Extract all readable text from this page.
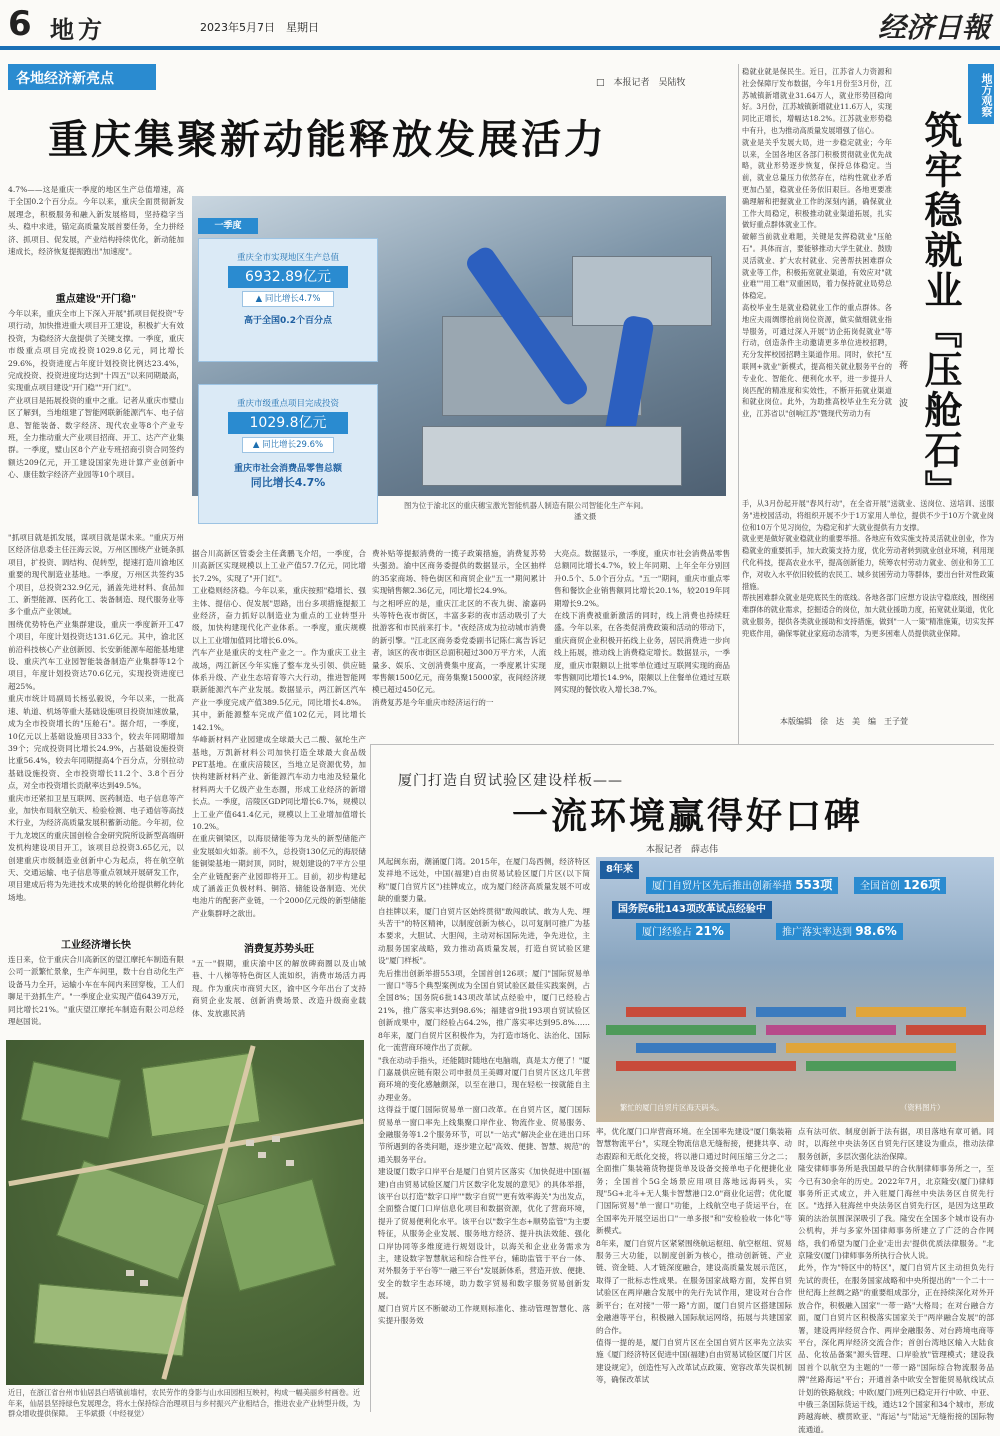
6 地方	2023年5月7日　星期日	经济日報
各地经济新亮点	□　本报记者　吴陆牧
重庆集聚新动能释放发展活力
4.7%——这是重庆一季度的地区生产总值增速，高于全国0.2个百分点。今年以来，重庆全面贯彻新发展理念，积极服务和融入新发展格局，坚持稳字当头、稳中求进，锚定高质量发展首要任务，全力拼经济、抓项目、促发展，产业结构持续优化，新动能加速成长，经济恢复提振跑出"加速度"。
重点建设"开门稳"
今年以来，重庆全市上下深入开展"抓项目促投资"专项行动，加快推进重大项目开工建设，积极扩大有效投资，为稳经济大盘提供了关键支撑。一季度，重庆市级重点项目完成投资1029.8亿元，同比增长29.6%，投资进度占年度计划投资比例达23.4%，完成投资、投资进度均达到"十四五"以来同期最高，实现重点项目建设"开门稳""开门红"。
产业项目是拓展投资的重中之重。记者从重庆市璧山区了解到，当地组建了智能网联新能源汽车、电子信息、智能装备、数字经济、现代农业等8个产业专班，全力推动重大产业项目招商、开工、达产产业集群。一季度，璧山区8个产业专班招商引资合同签约额达209亿元，开工建设国家先进计算产业创新中心、康佳数字经济产业园等10个项目。
"抓项目就是抓发展，谋项目就是谋未来。"重庆万州区经济信息委主任汪海云说，万州区围绕产业链条抓项目，扩投资、调结构、促转型，提速打造川渝地区重要的现代制造业基地。一季度，万州区共签约35个项目，总投资232.9亿元，涵盖先进材料、食品加工、新型能源、医药化工、装备制造、现代服务业等多个重点产业领域。
围绕优势特色产业集群建设，重庆一季度新开工47个项目，年度计划投资达131.6亿元。其中，渝北区前沿科技核心产业创新园、长安新能源车超能基地建设、重庆汽车工业园智能装备制造产业集群等12个项目，年度计划投资达70.6亿元，实现投资进度已超25%。
重庆市统计局副局长杨弘毅说，今年以来，一批高速、轨道、机场等重大基础设施项目投资加速放量，成为全市投资增长的"压舱石"。据介绍，一季度，10亿元以上基础设施项目333个，较去年同期增加39个；完成投资同比增长24.9%，占基础设施投资比重56.4%，较去年同期提高4个百分点，分别拉动基础设施投资、全市投资增长11.2个、3.8个百分点，对全市投资增长贡献率达到49.5%。
重庆市还紧扣卫星互联网、医药制造、电子信息等产业，加快布局航空航天、检验检测、电子通信等高技术行业，为经济高质量发展积蓄新动能。今年初，位于九龙坡区的重庆国创检合金研究院所设新型高端研发机构建设项目开工，该项目总投资3.65亿元，以创建重庆市级制造业创新中心为起点，将在航空航天、交通运输、电子信息等重点领域开展研发工作，项目建成后将为先进技术成果的转化给提供孵化转化场地。
工业经济增长快
连日来，位于重庆合川高新区的望江摩托车制造有限公司一派繁忙景象，生产车间里，数十台自动化生产设备马力全开，运输小车在车间内来回穿梭，工人们聊足干劲抓生产。"一季度企业实现产值6439万元，同比增长21%。"重庆望江摩托车制造有限公司总经理赵国说。
一季度
重庆全市实现地区生产总值
6932.89亿元
▲ 同比增长4.7%
高于全国0.2个百分点
重庆市级重点项目完成投资
1029.8亿元
▲ 同比增长29.6%
重庆市社会消费品零售总额
同比增长4.7%
图为位于渝北区的重庆穗宝激光智能机器人制造有限公司智能化生产车间。
　　　　　　　　　　　　　　　　　　　　　　　潘文摄
据合川高新区管委会主任龚鹏飞介绍，一季度，合川高新区实现规模以上工业产值57.7亿元，同比增长7.2%，实现了"开门红"。
工业稳则经济稳。今年以来，重庆按照"稳增长、强主体、提信心、促发展"思路，出台多项措施提振工业经济，奋力抓好以制造业为重点的工业转型升级，加快构建现代化产业体系。一季度，重庆规模以上工业增加值同比增长6.0%。
汽车产业是重庆的支柱产业之一。作为重庆工业主战场，两江新区今年实施了整车龙头引领、供应链体系升级、产业生态培育等六大行动，推进智能网联新能源汽车产业发展。数据显示，两江新区汽车产业一季度完成产值389.5亿元，同比增长4.8%。其中，新能源整车完成产值102亿元，同比增长142.1%。
华峰新材料产业园建成全球最大己二酸、氨纶生产基地，万凯新材料公司加快打造全球最大食品级PET基地。在重庆涪陵区，当地立足资源优势，加快构建新材料产业、新能源汽车动力电池及轻量化材料两大千亿级产业生态圈，形成工业经济的新增长点。一季度，涪陵区GDP同比增长6.7%，规模以上工业产值641.4亿元，规模以上工业增加值增长10.2%。
在重庆铜梁区，以海辰储能等为龙头的新型储能产业发展如火如荼。前不久，总投资130亿元的海辰储能铜梁基地一期封顶，同时，规划建设的7平方公里全产业链配套产业园即将开工。目前，初步构建起成了涵盖正负极材料、铜箔、储能设备制造、光伏电池片的配套产业链，一个2000亿元级的新型储能产业集群呼之欲出。
消费复苏势头旺
"五一"假期，重庆渝中区的解放碑商圈以及山城巷、十八梯等特色街区人流如织，消费市场活力再现。作为重庆市商贸大区，渝中区今年出台了支持商贸企业发展、创新消费场景、改造升级商业载体、发放惠民消
费补贴等提振消费的一揽子政策措施，消费复苏势头强劲。渝中区商务委提供的数据显示，全区抽样的35家商场、特色街区和商贸企业"五一"期间累计实现销售额2.36亿元，同比增长24.9%。
与之相呼应的是，重庆江北区的不夜九街、渝嘉码头等特色夜市街区，丰富多彩的夜市活动吸引了大批游客和市民前来打卡。"夜经济成为拉动城市消费的新引擎。"江北区商务委党委副书记陈仁寓告诉记者，该区的夜市街区总面积超过300万平方米，人流量多、娱乐、文创消费集中度高，一季度累计实现零售额1500亿元，商务集聚15000家，夜间经济规模已超过450亿元。
消费复苏是今年重庆市经济运行的一
大亮点。数据显示，一季度，重庆市社会消费品零售总额同比增长4.7%，较上年同期、上年全年分别回升0.5个、5.0个百分点。"五一"期间，重庆市重点零售和餐饮企业销售额同比增长20.1%，较2019年同期增长9.2%。
在线下消费被重新激活的同时，线上消费也持续旺盛。今年以来，在各类促消费政策和活动的带动下，重庆商贸企业积极开拓线上业务，居民消费进一步向线上拓展，推动线上消费稳定增长。数据显示，一季度，重庆市限额以上批零单位通过互联网实现的商品零售额同比增长14.9%，限额以上住餐单位通过互联网实现的餐饮收入增长38.7%。
地方观察
筑牢稳就业『压舱石』
蒋　波
稳就业就是保民生。近日，江苏省人力资源和社会保障厅发布数据，今年1月份至3月份，江苏城镇新增就业31.64万人，就业形势回稳向好。3月份，江苏城镇新增就业11.6万人，实现同比正增长，增幅达18.2%。江苏就业形势稳中有升，也为推动高质量发展增强了信心。
就业是关乎发展大局，进一步稳定就业；今年以来，全国各地区各部门积极贯彻就业优先战略，就业形势逐步恢复，保持总体稳定。当前，就业总量压力依然存在，结构性就业矛盾更加凸显，稳就业任务依旧艰巨。各地更要准确理解和把握就业工作的深刻内涵，确保就业工作大局稳定，积极推动就业渠道拓展，扎实做好重点群体就业工作。
破解当前就业难题，关键是发挥稳就业"压舱石"。具体而言，要能够推动大学生就业、鼓励灵活就业、扩大农村就业、完善帮扶困难群众就业等工作，积极拓宽就业渠道，有效应对"就业难""用工难"双重困局，着力保持就业局势总体稳定。
高校毕业生是就业稳就业工作的重点群体。各地应夫雨绸缪抢前岗位资源，做实做细就业指导服务，可通过深入开展"访企拓岗促就业"等行动，创造条件主动邀请更多单位进校招聘，充分发挥校园招聘主渠道作用。同时，依托"互联网+就业"新模式，提高相关就业服务平台的专业化、智能化、便利化水平，进一步提升人岗匹配的精准度和实效性，不断开拓就业渠道和就业岗位。此外，为助推高校毕业生充分就业，江苏省以"创响江苏"暨现代劳动力有
手，从3月份起开展"春风行动"，在全省开展"送就业、送岗位、送培训、送服务"进校园活动，将组织开展不少于1万家用人单位，提供不少于10万个就业岗位和10万个见习岗位，为稳定和扩大就业提供有力支撑。
就业更是做好就业稳就业的重要举措。各地应有效实施支持灵活就业创业，作为稳就业的重要抓手，加大政策支持力度，优化劳动者转到就业创业环境，利用现代化科技，提高农业水平，提高创新能力，统筹农村劳动力就业、创业和务工工作，对收入水平依旧较低的农民工、城乡贫困劳动力等群体，要出台针对性政策措施。
帮扶困难群众就业是兜底民生的底线。各地各部门应想方设法守稳底线，围绕困难群体的就业需求，挖掘适合的岗位，加大就业援助力度，拓宽就业渠道，优化就业服务，提供各类就业援助和支持措施，做到"一人一策"精准施策，切实发挥兜底作用，确保零就业家庭动态清零，为更多困难人员提供就业保障。
本版编辑　徐　达　美　编　王子萱
厦门打造自贸试验区建设样板——
一流环境赢得好口碑
本报记者　薛志伟
风起闽东南，潮涌厦门湾。2015年，在厦门岛西侧，经济特区发祥地不远处，中国(福建)自由贸易试验区厦门片区(以下简称"厦门自贸片区")挂牌成立，成为厦门经济高质量发展不可或缺的重要力量。
自挂牌以来，厦门自贸片区始终贯彻"敢闯敢试、敢为人先、埋头苦干"的特区精神，以制度创新为核心，以可复制可推广为基本要求，大胆试、大胆闯，主动对标国际先进，争先进位，主动服务国家战略，致力推动高质量发展，打造自贸试验区建设"厦门样板"。
先后推出创新举措553项，全国首创126项；厦门"国际贸易单一窗口"等5个典型案例成为全国自贸试验区最佳实践案例，占全国8%；国务院6批143项改革试点经验中，厦门已经验占21%，推广落实率达到98.6%；福建省9批193项自贸试验区创新成果中，厦门经验占64.2%，推广落实率达到95.8%……8年来，厦门自贸片区积极作为，为打造市场化、法治化、国际化一流营商环境作出了贡献。
"我在动动手指头，还能随时随地在电脑端，真是太方便了！"厦门嘉晟供应链有限公司申报员王美卿对厦门自贸片区这几年营商环境的变化感触颇深，以至在港口，现在轻松一按就能自主办理业务。
这得益于厦门国际贸易单一窗口改革。在自贸片区，厦门国际贸易单一窗口率先上线集聚口岸作业、物流作业、贸易服务、金融服务等1.2个服务环节，可以"一站式"解决企业在进出口环节所遇到的各类问题，逐步建立起"高效、便捷、智慧、规范"的通关服务平台。
建设厦门数字口岸平台是厦门自贸片区落实《加快促进中国(福建)自由贸易试验区厦门片区数字化发展的意见》的具体举措，该平台以打造"数字口岸""数字自贸""更有效率海关"为出发点，全面整合厦门口岸信息化项目和数据资源，优化了营商环境，提升了贸易便利化水平。该平台以"数字生态+顺势监管"为主要特征，从服务企业发展、服务地方经济、提升执法效能、强化口岸协同等多维度进行规划设计，以海关和企业业务需求为主，建设数字智慧航运和综合性平台，辅助监管于平台一体、对外服务于平台等"一融三平台"发展新体系，营造开放、便捷、安全的数字生态环境，助力数字贸易和数字服务贸易创新发展。
厦门自贸片区不断破动工作规则标准化、推动管理智慧化、落实提升服务效
8年来
厦门自贸片区先后推出创新举措 553项	全国首创 126项
国务院6批143项改革试点经验中
厦门经验占 21%	推广落实率达到 98.6%
繁忙的厦门自贸片区海天码头。	（资料图片）
率，优化厦门口岸营商环境。在全国率先建设"厦门集装箱智慧物流平台"，实现全物流信息无缝衔接，便捷共享、动态跟踪和无纸化交接，将以港口通过时间压缩三分之二；全面推广集装箱货物提货单及设备交接单电子化便捷化业务；全国首个5G全场景应用项目落地远海码头，实现"5G+北斗+无人集卡智慧港口2.0"商业化运营；优化厦门国际贸易"单一窗口"功能，上线航空电子货运平台，在全国率先开展空运出口"一单多报"和"安检验收一体化"等新模式。
8年来，厦门自贸片区紧紧围绕航运枢纽、航空枢纽、贸易服务三大功能，以制度创新为核心，推动创新链、产业链、资金链、人才链深度融合，建设高质量发展示范区，取得了一批标志性成果。在服务国家战略方面，发挥自贸试验区在两岸融合发展中的先行先试作用，建设对台合作新平台；在对接"一带一路"方面，厦门自贸片区搭建国际金融港等平台，积极融入国际航运网络，拓展与共建国家的合作。
值得一提的是，厦门自贸片区在全国自贸片区率先立法实施《厦门经济特区促进中国(福建)自由贸易试验区厦门片区建设规定》，创造性写入改革试点政策、宽容改革失误机制等，确保改革试
点有法可依、制度创新于法有据，项目落地有章可循。同时，以海丝中央法务区自贸先行区建设为重点，推动法律服务创新，多层次强化法治保障。
隆安律师事务所是我国最早的合伙制律师事务所之一，至今已有30余年的历史。2022年7月，北京隆安(厦门)律师事务所正式成立，并入驻厦门海丝中央法务区自贸先行区。"选择入驻海丝中央法务区自贸先行区，是因为这里政策的法治氛围深深吸引了我。隆安在全国多个城市设有办公机构，并与多家外国律师事务所建立了广泛的合作网络，我们希望为厦门企业'走出去'提供优质法律服务。"北京隆安(厦门)律师事务所执行合伙人说。
此外，作为"特区中的特区"，厦门自贸片区主动担负先行先试的责任，在服务国家战略和中央所提出的"一个二十一世纪海上丝绸之路"的重要组成部分，正在持续深化对外开放合作，积极融入国家"一带一路"大格局；在对台融合方面，厦门自贸片区积极落实国家关于"两岸融合发展"的部署，建设两岸经贸合作、两岸金融服务、对台跨境电商等平台，深化两岸经济交流合作；首创台湾地区输入大陆食品、化妆品备案"源头管理、口岸验放"管理模式；建设我国首个以航空为主题的"一带一路"国际综合物流服务品牌"丝路海运"平台；开通首条中欧安全智能贸易航线试点计划的铁路航线；中欧(厦门)班列已稳定开行中欧、中亚、中俄三条国际货运干线，通达12个国家和34个城市，形成跨越海峡、横贯欧亚、"海运"与"陆运"无缝衔接的国际物流通道。
近日，在浙江省台州市仙居县白塔镇前墙村，农民劳作的身影与山水田园相互映衬，构成一幅美丽乡村画卷。近年来，仙居县坚持绿色发展理念，将水土保持综合治理项目与乡村振兴产业相结合，推进农业产业转型升级，为群众增收提供保障。　王华斌摄（中经视觉）
